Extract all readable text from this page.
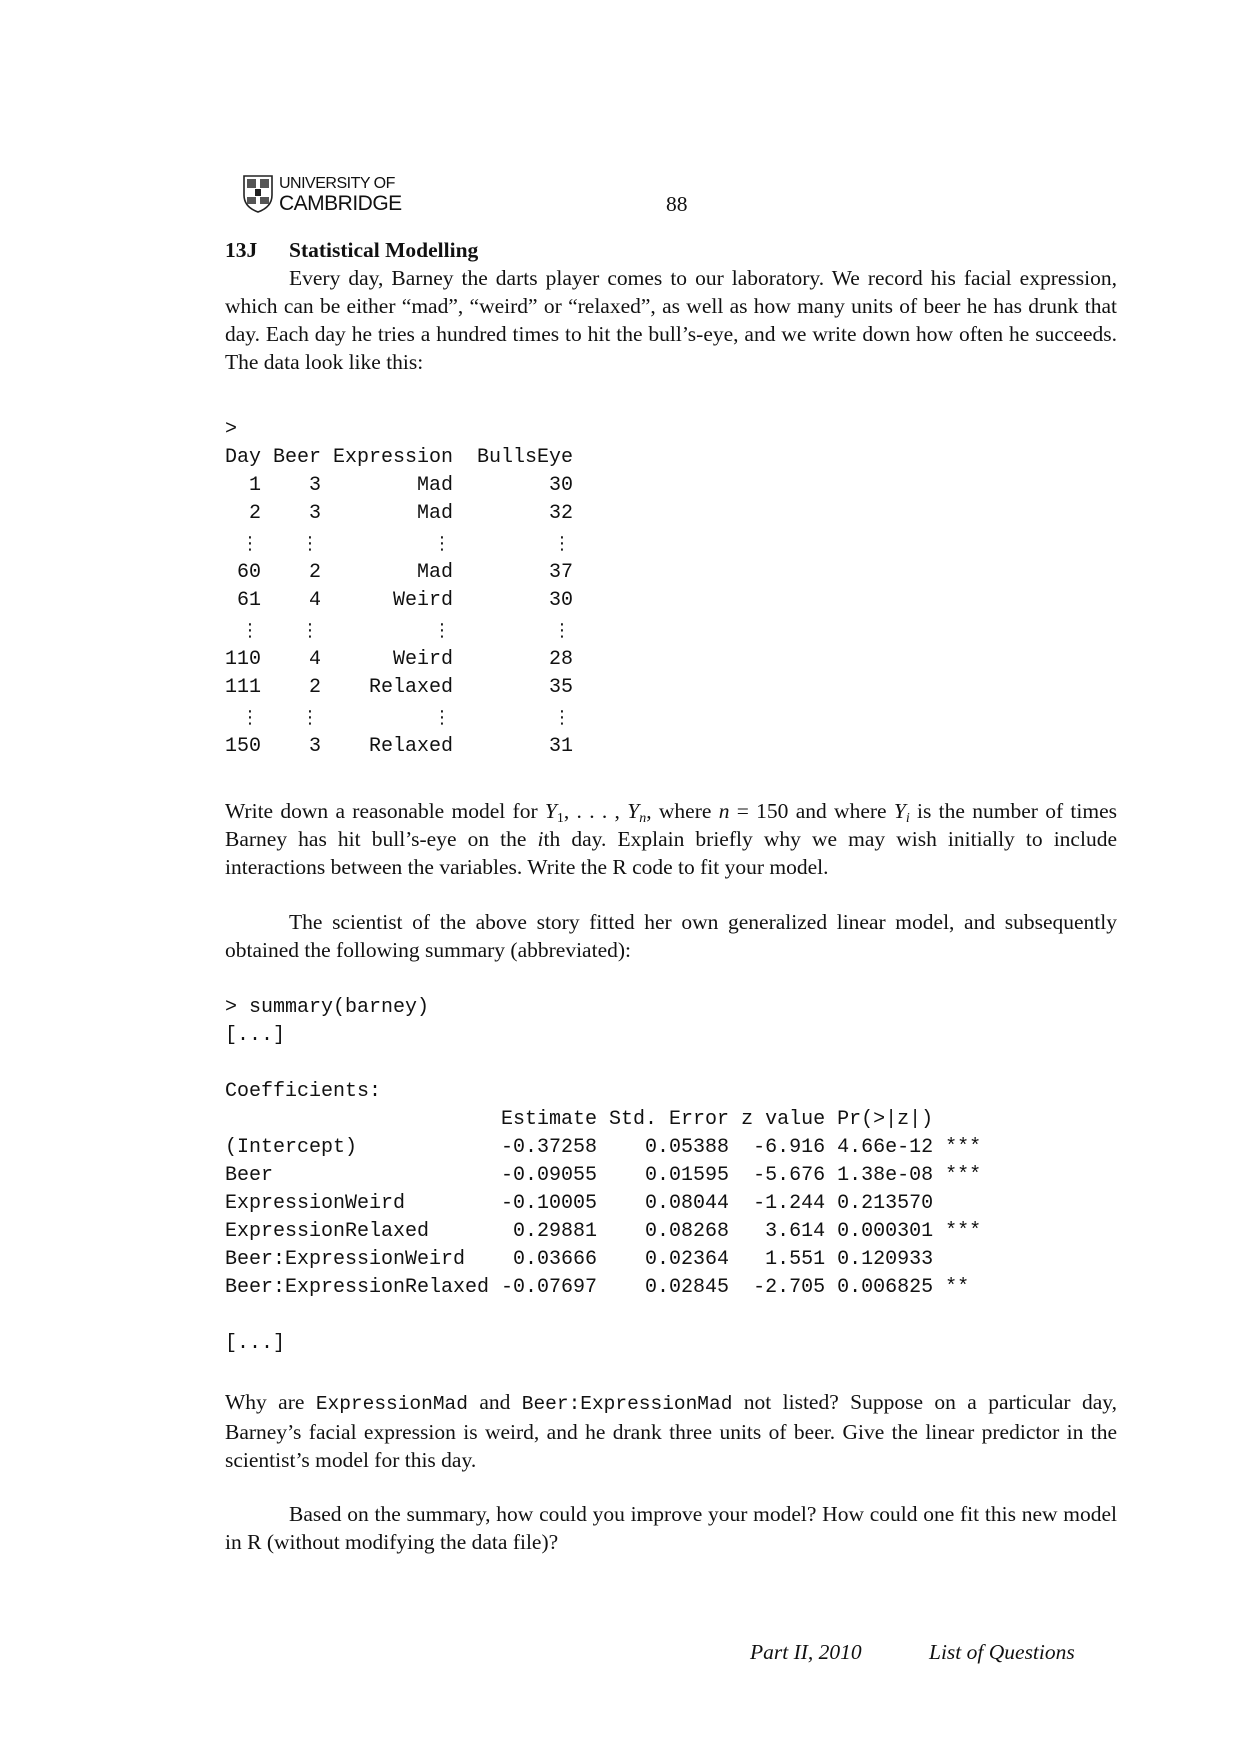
UNIVERSITY OF
CAMBRIDGE	88
13J Statistical Modelling

Every day, Barney the darts player comes to our laboratory. We record his facial expression, which can be either “mad”, “weird” or “relaxed”, as well as how many units of beer he has drunk that day. Each day he tries a hundred times to hit the bull’s-eye, and we write down how often he succeeds. The data look like this:

>
Day Beer Expression  BullsEye
1 3	Mad	30
2 3	Mad	32
⋮ ⋮	⋮	⋮
60 2	Mad	37
61 4	Weird	30
⋮ ⋮	⋮	⋮
110 4	Weird	28
111 2 Relaxed	35
⋮ ⋮	⋮	⋮
150 3 Relaxed	31

Write down a reasonable model for $Y_1$, . . . , $Y_n$, where n = 150 and where $Y_i$ is the number of times Barney has hit bull’s-eye on the ith day. Explain briefly why we may wish initially to include interactions between the variables. Write the R code to fit your model.

The scientist of the above story fitted her own generalized linear model, and subsequently obtained the following summary (abbreviated):

> summary(barney)
[...]
Coefficients:
Estimate Std. Error z value Pr(>|z|)
(Intercept)	-0.37258 0.05388 -6.916 4.66e-12 ***
Beer	-0.09055 0.01595 -5.676 1.38e-08 ***
ExpressionWeird	-0.10005 0.08044 -1.244 0.213570
ExpressionRelaxed	0.29881 0.08268 3.614 0.000301 ***
Beer:ExpressionWeird 0.03666 0.02364 1.551 0.120933
Beer:ExpressionRelaxed -0.07697 0.02845 -2.705 0.006825 **
[...]

Why are ExpressionMad and Beer:ExpressionMad not listed? Suppose on a particular day, Barney’s facial expression is weird, and he drank three units of beer. Give the linear predictor in the scientist’s model for this day.

Based on the summary, how could you improve your model? How could one fit this new model in R (without modifying the data file)?

Part II, 2010	List of Questions
